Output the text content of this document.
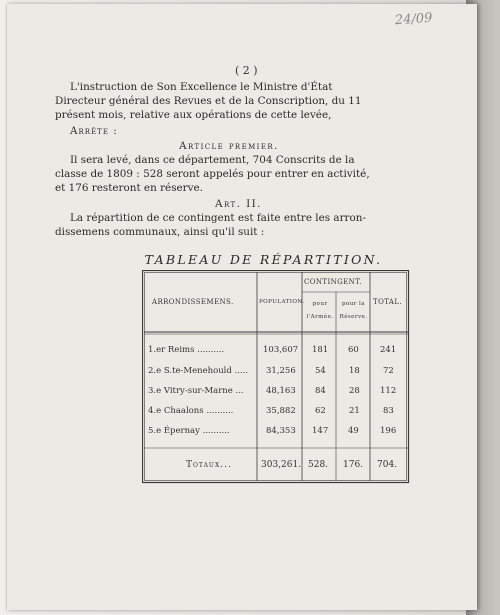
24/09
( 2 )
L'instruction de Son Excellence le Ministre d'État
Directeur général des Revues et de la Conscription, du 11
présent mois, relative aux opérations de cette levée,
Arrête :
Article premier.
Il sera levé, dans ce département, 704 Conscrits de la
classe de 1809 : 528 seront appelés pour entrer en activité,
et 176 resteront en réserve.
Art. II.
La répartition de ce contingent est faite entre les arron-
dissemens communaux, ainsi qu'il suit :
TABLEAU DE RÉPARTITION.
ARRONDISSEMENS.	POPULATION.
CONTINGENT.
pour l'Armée.
pour la Réserve.
TOTAL.
1.er Reims ..........	103,607 181 60 241
2.e S.te-Menehould ..... 31,256 54	18	72
3.e Vitry-sur-Marne ...	48,163 84	28 112
4.e Chaalons ..........	35,882 62	21	83
5.e Épernay ..........	84,353 147 49 196
Totaux...	303,261. 528. 176. 704.
